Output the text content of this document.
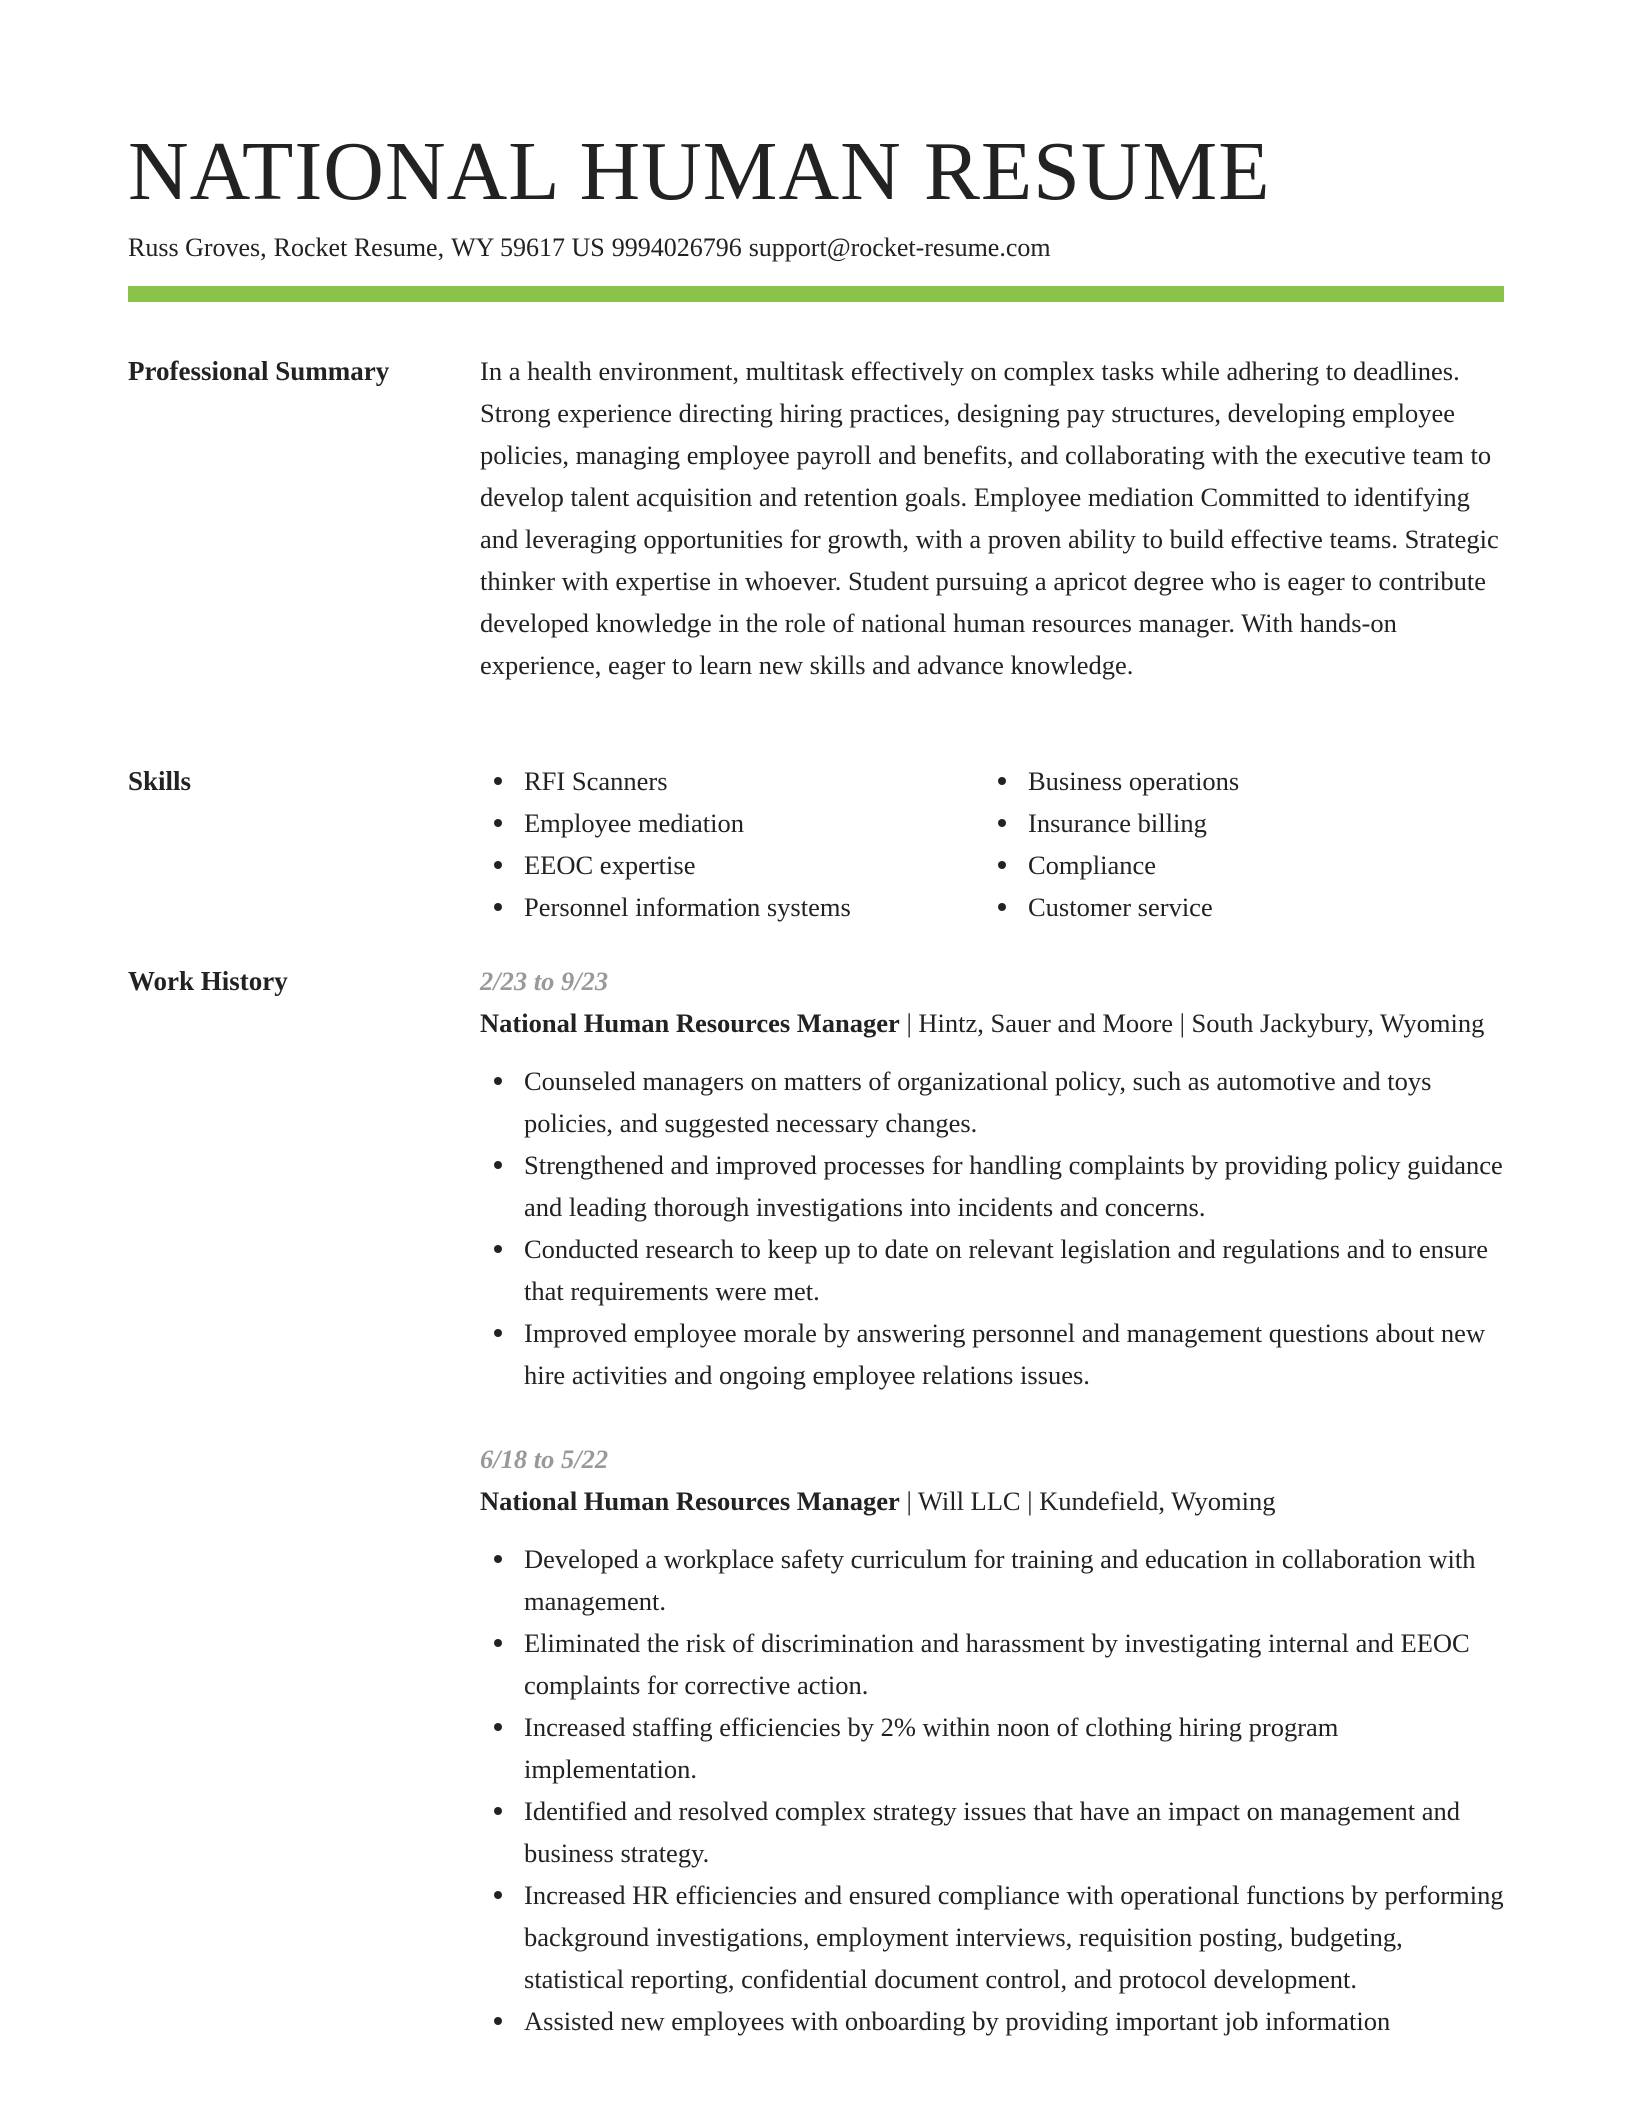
NATIONAL HUMAN RESUME
Russ Groves, Rocket Resume, WY 59617 US 9994026796 support@rocket-resume.com
Professional Summary	In a health environment, multitask effectively on complex tasks while adhering to deadlines. Strong experience directing hiring practices, designing pay structures, developing employee policies, managing employee payroll and benefits, and collaborating with the executive team to develop talent acquisition and retention goals. Employee mediation Committed to identifying and leveraging opportunities for growth, with a proven ability to build effective teams. Strategic thinker with expertise in whoever. Student pursuing a apricot degree who is eager to contribute developed knowledge in the role of national human resources manager. With hands-on experience, eager to learn new skills and advance knowledge.

Skills	RFI Scanners
Employee mediation
EEOC expertise
Personnel information systems
Business operations
Insurance billing
Compliance
Customer service
Work History	2/23 to 9/23
National Human Resources Manager | Hintz, Sauer and Moore | South Jackybury, Wyoming
Counseled managers on matters of organizational policy, such as automotive and toys policies, and suggested necessary changes.
Strengthened and improved processes for handling complaints by providing policy guidance and leading thorough investigations into incidents and concerns.
Conducted research to keep up to date on relevant legislation and regulations and to ensure that requirements were met.
Improved employee morale by answering personnel and management questions about new hire activities and ongoing employee relations issues.
6/18 to 5/22
National Human Resources Manager | Will LLC | Kundefield, Wyoming
Developed a workplace safety curriculum for training and education in collaboration with management.
Eliminated the risk of discrimination and harassment by investigating internal and EEOC complaints for corrective action.
Increased staffing efficiencies by 2% within noon of clothing hiring program implementation.
Identified and resolved complex strategy issues that have an impact on management and business strategy.
Increased HR efficiencies and ensured compliance with operational functions by performing background investigations, employment interviews, requisition posting, budgeting, statistical reporting, confidential document control, and protocol development.
Assisted new employees with onboarding by providing important job information
